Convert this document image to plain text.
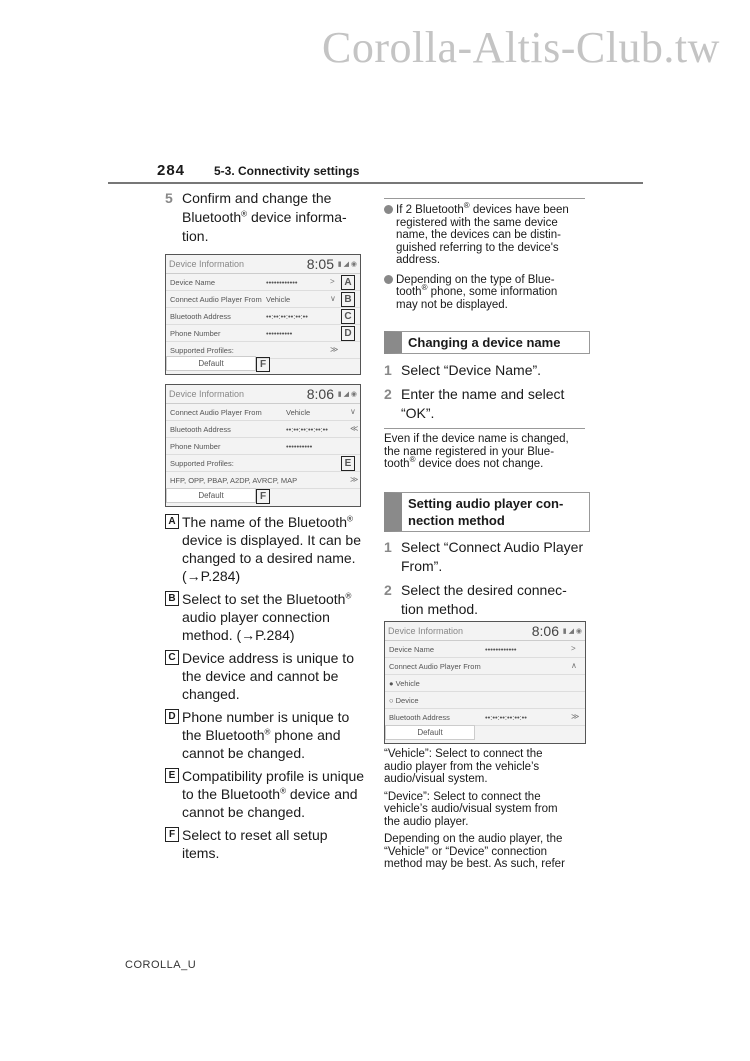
Corolla-Altis-Club.tw
284 5-3. Connectivity settings
5 Confirm and change the
Bluetooth® device informa-
tion.
Device Information	8:05 ▮ ◢ ◉
Device Name	••••••••••••	> A
Connect Audio Player From Vehicle	∨ B
Bluetooth Address	••:••:••:••:••:••	C
Phone Number	••••••••••	D
Supported Profiles:	≫
Default	F
Device Information	8:06 ▮ ◢ ◉
Connect Audio Player From	Vehicle	∨
Bluetooth Address	••:••:••:••:••:••	≪
Phone Number	••••••••••
Supported Profiles:	E
HFP, OPP, PBAP, A2DP, AVRCP, MAP	≫
Default	F
A The name of the Bluetooth®
device is displayed. It can be
changed to a desired name.
(→P.284)
B Select to set the Bluetooth®
audio player connection
method. (→P.284)
C Device address is unique to
the device and cannot be
changed.
D Phone number is unique to
the Bluetooth® phone and
cannot be changed.
E Compatibility profile is unique
to the Bluetooth® device and
cannot be changed.
F Select to reset all setup
items.
If 2 Bluetooth® devices have been
registered with the same device
name, the devices can be distin-
guished referring to the device's
address.
Depending on the type of Blue-
tooth® phone, some information
may not be displayed.
Changing a device name
1 Select “Device Name”.
2 Enter the name and select
“OK”.
Even if the device name is changed,
the name registered in your Blue-
tooth® device does not change.
Setting audio player con-
nection method
1 Select “Connect Audio Player
From”.
2 Select the desired connec-
tion method.
Device Information	8:06 ▮ ◢ ◉
Device Name	••••••••••••	>
Connect Audio Player From	∧
● Vehicle
○ Device
Bluetooth Address	••:••:••:••:••:••	≫
Default
“Vehicle”: Select to connect the
audio player from the vehicle’s
audio/visual system.
“Device”: Select to connect the
vehicle’s audio/visual system from
the audio player.
Depending on the audio player, the
“Vehicle” or “Device” connection
method may be best. As such, refer
COROLLA_U
